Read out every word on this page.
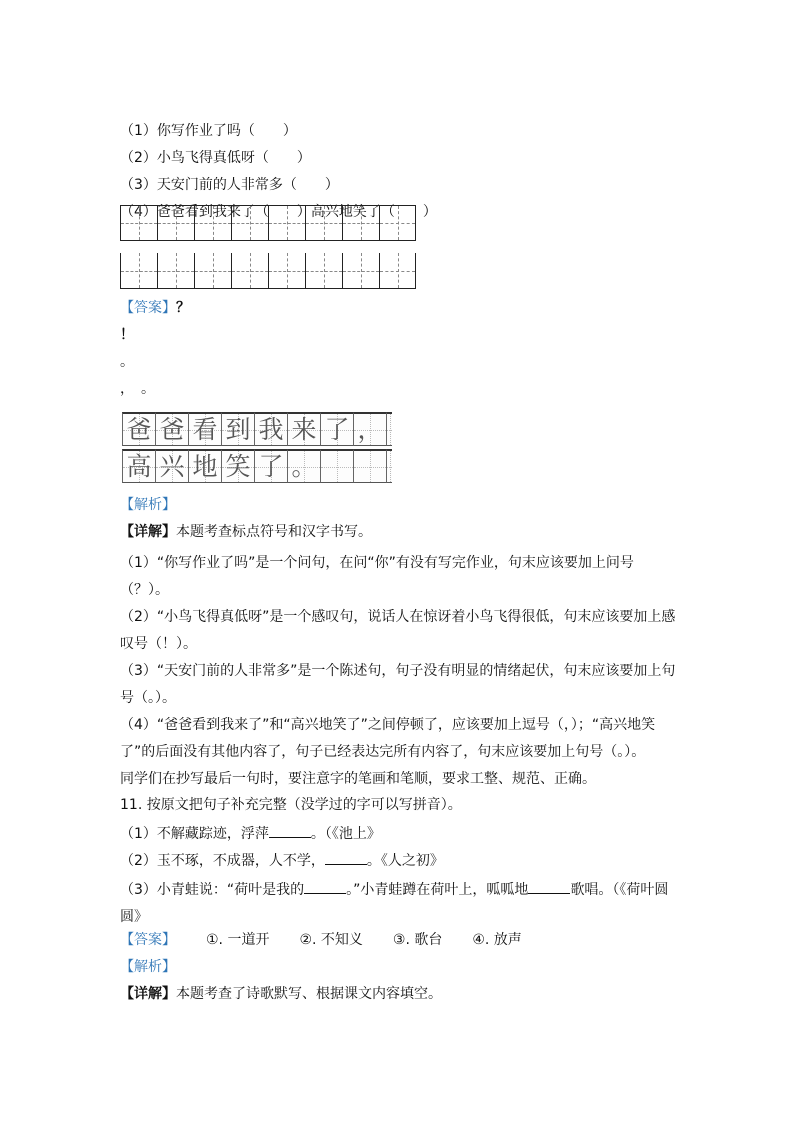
（1）你写作业了吗（　　）
（2）小鸟飞得真低呀（　　）
（3）天安门前的人非常多（　　）
（4）爸爸看到我来了（　　）高兴地笑了（　　）
【答案】？
！
。
，　。
爸 爸 看 到 我 来 了 ，
高 兴 地 笑 了 。
【解析】
【详解】本题考查标点符号和汉字书写。
（1）“你写作业了吗”是一个问句，在问“你”有没有写完作业，句末应该要加上问号（？）。
（2）“小鸟飞得真低呀”是一个感叹句，说话人在惊讶着小鸟飞得很低，句末应该要加上感叹号（！）。
（3）“天安门前的人非常多”是一个陈述句，句子没有明显的情绪起伏，句末应该要加上句号（。）。
（4）“爸爸看到我来了”和“高兴地笑了”之间停顿了，应该要加上逗号（，）；“高兴地笑了”的后面没有其他内容了，句子已经表达完所有内容了，句末应该要加上句号（。）。
同学们在抄写最后一句时，要注意字的笔画和笔顺，要求工整、规范、正确。
11. 按原文把句子补充完整（没学过的字可以写拼音）。
（1）不解藏踪迹，浮萍	。（《池上》
（2）玉不琢，不成器，人不学，	。《人之初》
（3）小青蛙说：“荷叶是我的	。”小青蛙蹲在荷叶上，呱呱地	歌唱。（《荷叶圆圆》
【答案】 ①. 一道开 ②. 不知义 ③. 歌台 ④. 放声
【解析】
【详解】本题考查了诗歌默写、根据课文内容填空。
